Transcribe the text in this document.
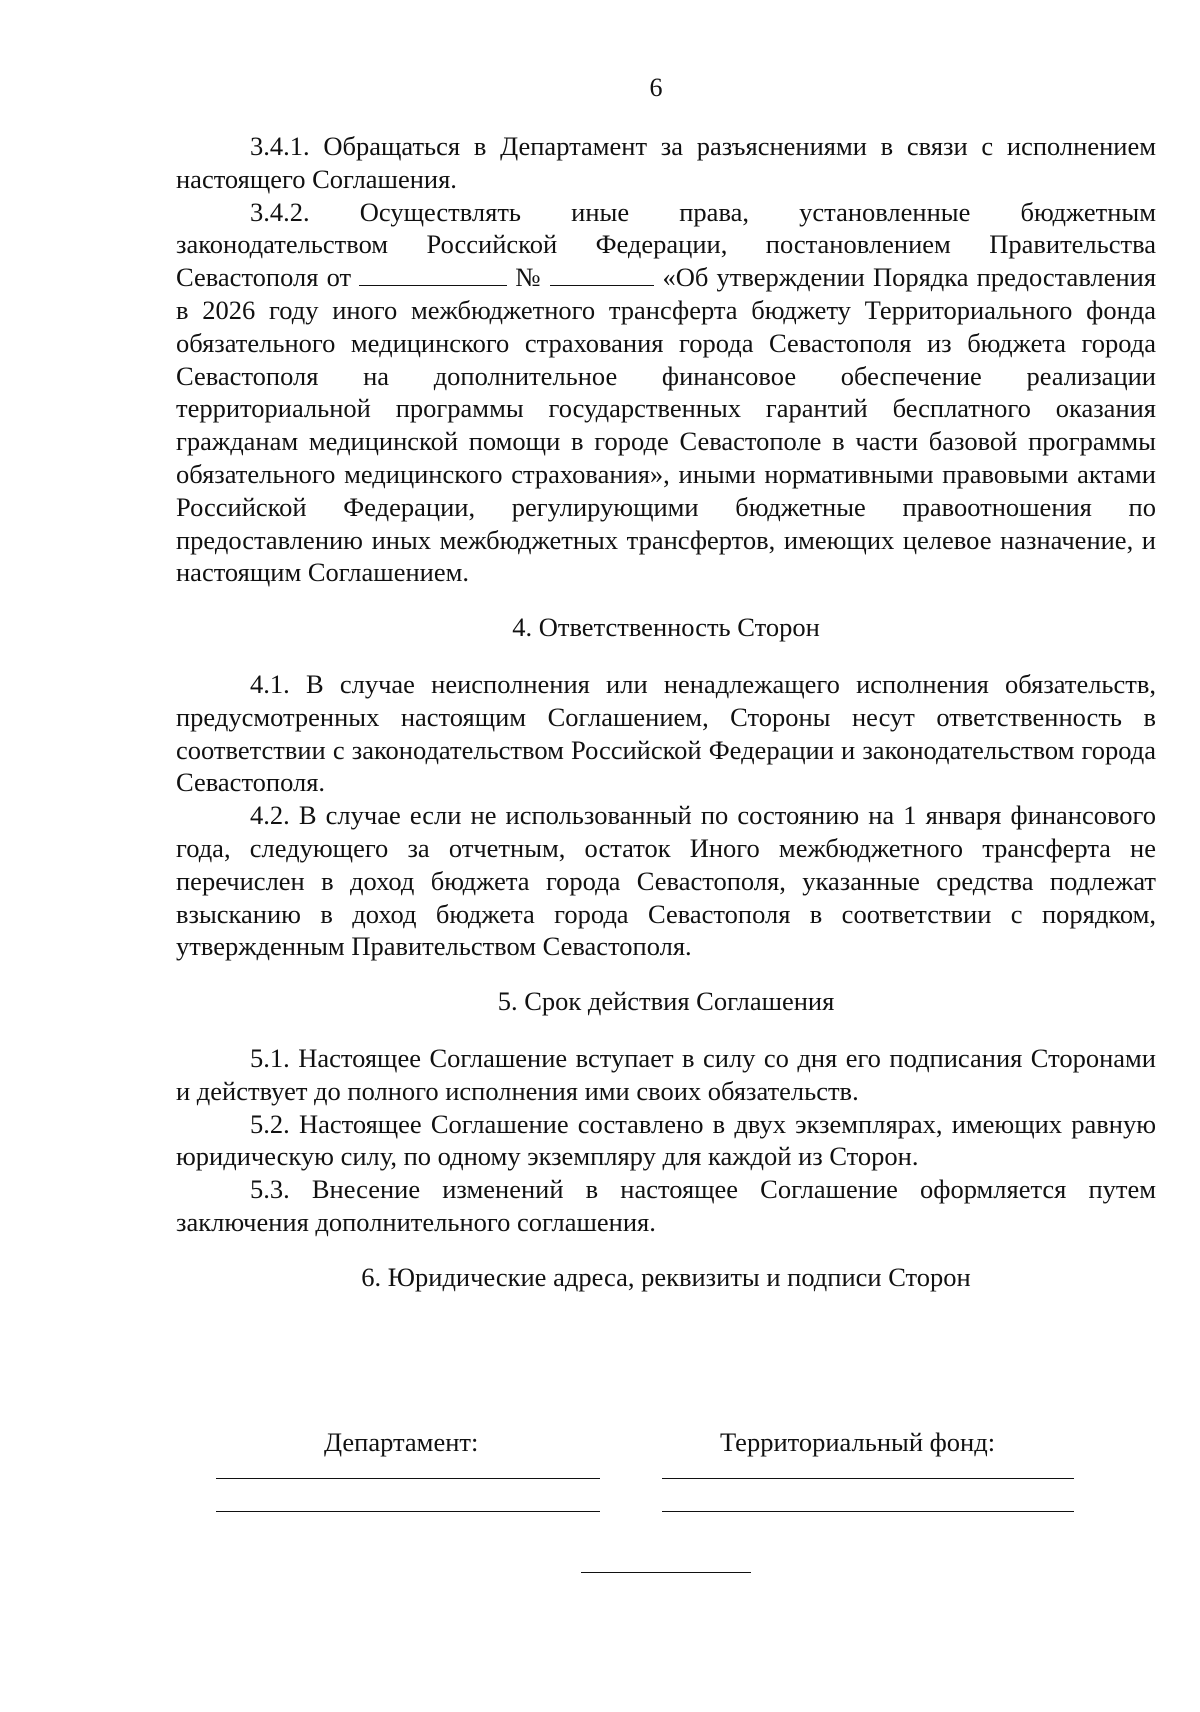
6

3.4.1. Обращаться в Департамент за разъяснениями в связи с исполнением настоящего Соглашения.

3.4.2. Осуществлять иные права, установленные бюджетным законодательством Российской Федерации, постановлением Правительства Севастополя от	№	«Об утверждении Порядка предоставления в 2026 году иного межбюджетного трансферта бюджету Территориального фонда обязательного медицинского страхования города Севастополя из бюджета города Севастополя на дополнительное финансовое обеспечение реализации территориальной программы государственных гарантий бесплатного оказания гражданам медицинской помощи в городе Севастополе в части базовой программы обязательного медицинского страхования», иными нормативными правовыми актами Российской Федерации, регулирующими бюджетные правоотношения по предоставлению иных межбюджетных трансфертов, имеющих целевое назначение, и настоящим Соглашением.

4. Ответственность Сторон

4.1. В случае неисполнения или ненадлежащего исполнения обязательств, предусмотренных настоящим Соглашением, Стороны несут ответственность в соответствии с законодательством Российской Федерации и законодательством города Севастополя.

4.2. В случае если не использованный по состоянию на 1 января финансового года, следующего за отчетным, остаток Иного межбюджетного трансферта не перечислен в доход бюджета города Севастополя, указанные средства подлежат взысканию в доход бюджета города Севастополя в соответствии с порядком, утвержденным Правительством Севастополя.

5. Срок действия Соглашения

5.1. Настоящее Соглашение вступает в силу со дня его подписания Сторонами и действует до полного исполнения ими своих обязательств.

5.2. Настоящее Соглашение составлено в двух экземплярах, имеющих равную юридическую силу, по одному экземпляру для каждой из Сторон.

5.3. Внесение изменений в настоящее Соглашение оформляется путем заключения дополнительного соглашения.

6. Юридические адреса, реквизиты и подписи Сторон

Департамент:	Территориальный фонд:
